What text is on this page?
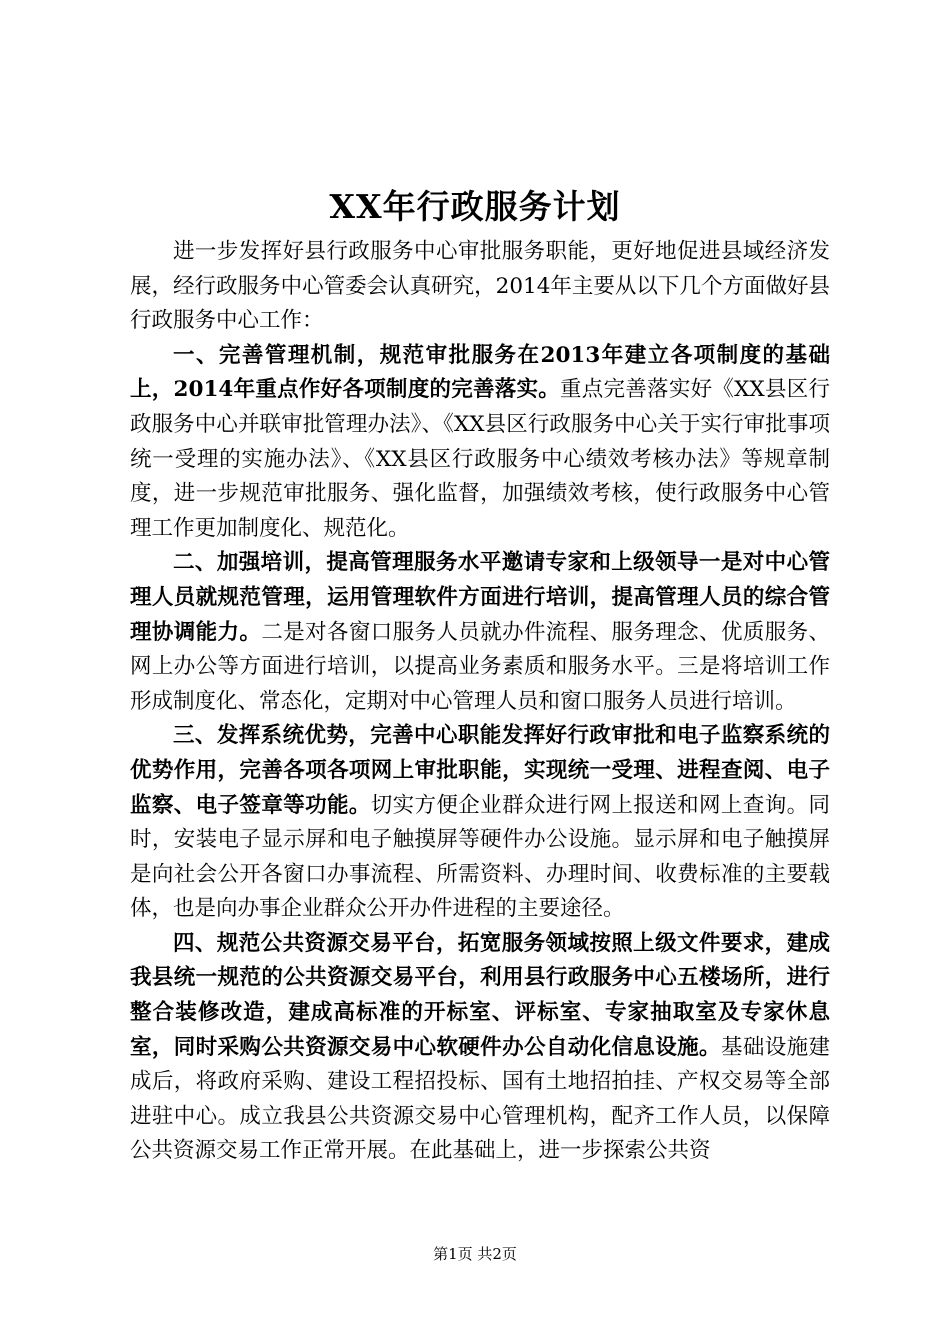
XX年行政服务计划

进一步发挥好县行政服务中心审批服务职能，更好地促进县域经济发展，经行政服务中心管委会认真研究，2014年主要从以下几个方面做好县行政服务中心工作：

一、完善管理机制，规范审批服务在2013年建立各项制度的基础上，2014年重点作好各项制度的完善落实。重点完善落实好《XX县区行政服务中心并联审批管理办法》、《XX县区行政服务中心关于实行审批事项统一受理的实施办法》、《XX县区行政服务中心绩效考核办法》等规章制度，进一步规范审批服务、强化监督，加强绩效考核，使行政服务中心管理工作更加制度化、规范化。

二、加强培训，提高管理服务水平邀请专家和上级领导一是对中心管理人员就规范管理，运用管理软件方面进行培训，提高管理人员的综合管理协调能力。二是对各窗口服务人员就办件流程、服务理念、优质服务、网上办公等方面进行培训，以提高业务素质和服务水平。三是将培训工作形成制度化、常态化，定期对中心管理人员和窗口服务人员进行培训。

三、发挥系统优势，完善中心职能发挥好行政审批和电子监察系统的优势作用，完善各项各项网上审批职能，实现统一受理、进程查阅、电子监察、电子签章等功能。切实方便企业群众进行网上报送和网上查询。同时，安装电子显示屏和电子触摸屏等硬件办公设施。显示屏和电子触摸屏是向社会公开各窗口办事流程、所需资料、办理时间、收费标准的主要载体，也是向办事企业群众公开办件进程的主要途径。

四、规范公共资源交易平台，拓宽服务领域按照上级文件要求，建成我县统一规范的公共资源交易平台，利用县行政服务中心五楼场所，进行整合装修改造，建成高标准的开标室、评标室、专家抽取室及专家休息室，同时采购公共资源交易中心软硬件办公自动化信息设施。基础设施建成后，将政府采购、建设工程招投标、国有土地招拍挂、产权交易等全部进驻中心。成立我县公共资源交易中心管理机构，配齐工作人员，以保障公共资源交易工作正常开展。在此基础上，进一步探索公共资

第1页 共2页
